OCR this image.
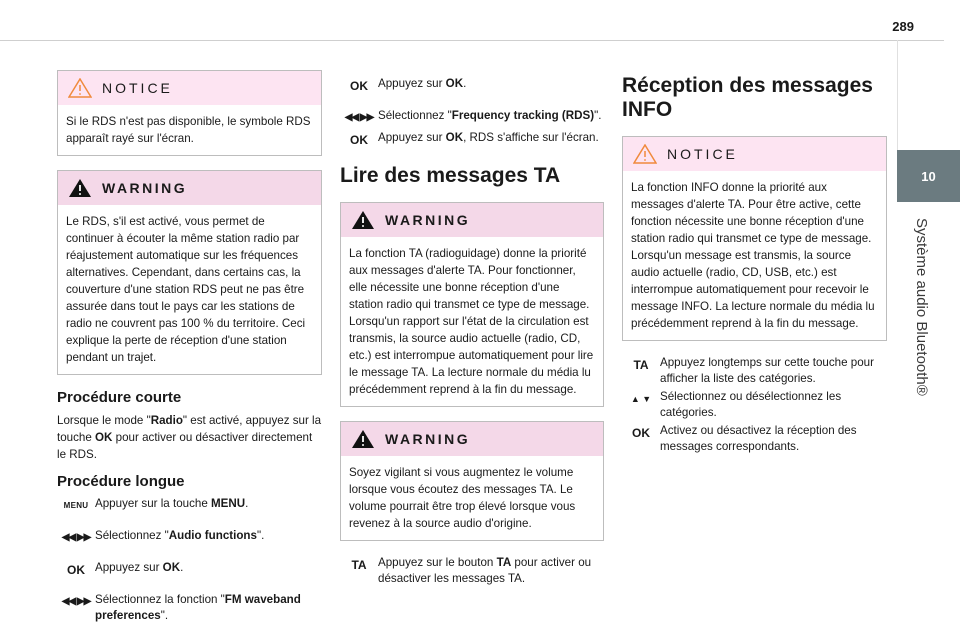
289
10
Système audio Bluetooth®
NOTICE
Si le RDS n'est pas disponible, le symbole RDS apparaît rayé sur l'écran.
WARNING
Le RDS, s'il est activé, vous permet de continuer à écouter la même station radio par réajustement automatique sur les fréquences alternatives. Cependant, dans certains cas, la couverture d'une station RDS peut ne pas être assurée dans tout le pays car les stations de radio ne couvrent pas 100 % du territoire. Ceci explique la perte de réception d'une station pendant un trajet.
Procédure courte

Lorsque le mode "Radio" est activé, appuyez sur la touche OK pour activer ou désactiver directement le RDS.

Procédure longue
MENU Appuyer sur la touche MENU.
◀◀ ▶▶ Sélectionnez "Audio functions".
OK Appuyez sur OK.
◀◀ ▶▶ Sélectionnez la fonction "FM waveband preferences".
OK Appuyez sur OK.
◀◀ ▶▶ Sélectionnez "Frequency tracking (RDS)".
OK Appuyez sur OK, RDS s'affiche sur l'écran.
Lire des messages TA
WARNING
La fonction TA (radioguidage) donne la priorité aux messages d'alerte TA. Pour fonctionner, elle nécessite une bonne réception d'une station radio qui transmet ce type de message. Lorsqu'un rapport sur l'état de la circulation est transmis, la source audio actuelle (radio, CD, etc.) est interrompue automatiquement pour lire le message TA. La lecture normale du média lu précédemment reprend à la fin du message.
WARNING
Soyez vigilant si vous augmentez le volume lorsque vous écoutez des messages TA. Le volume pourrait être trop élevé lorsque vous revenez à la source audio d'origine.
TA Appuyez sur le bouton TA pour activer ou désactiver les messages TA.
Réception des messages INFO
NOTICE
La fonction INFO donne la priorité aux messages d'alerte TA. Pour être active, cette fonction nécessite une bonne réception d'une station radio qui transmet ce type de message. Lorsqu'un message est transmis, la source audio actuelle (radio, CD, USB, etc.) est interrompue automatiquement pour recevoir le message INFO. La lecture normale du média lu précédemment reprend à la fin du message.
TA Appuyez longtemps sur cette touche pour afficher la liste des catégories.
▲ ▼ Sélectionnez ou désélectionnez les catégories.
OK Activez ou désactivez la réception des messages correspondants.
